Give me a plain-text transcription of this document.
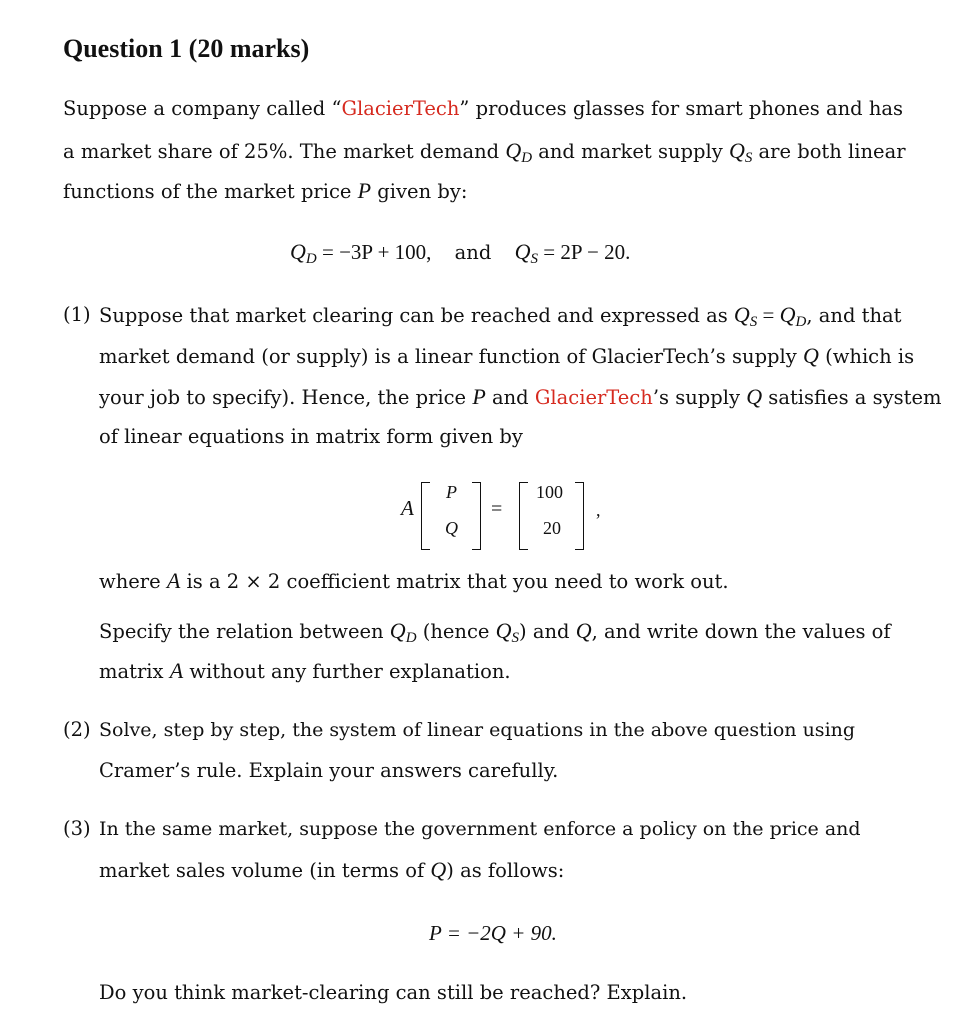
Question 1 (20 marks)
Suppose a company called “GlacierTech” produces glasses for smart phones and has
a market share of 25%. The market demand $Q_D$ and market supply $Q_S$ are both linear
functions of the market price P given by:
$Q_D = -3P + 100$, and $Q_S = 2P - 20$.
(1) Suppose that market clearing can be reached and expressed as $Q_S = Q_D$, and that
market demand (or supply) is a linear function of GlacierTech’s supply Q (which is
your job to specify). Hence, the price P and GlacierTech’s supply Q satisfies a system
of linear equations in matrix form given by
A
P
Q
=
100
20
,
where A is a 2 × 2 coefficient matrix that you need to work out.
Specify the relation between $Q_D$ (hence $Q_S$) and Q, and write down the values of
matrix A without any further explanation.
(2) Solve, step by step, the system of linear equations in the above question using
Cramer’s rule. Explain your answers carefully.
(3) In the same market, suppose the government enforce a policy on the price and
market sales volume (in terms of Q) as follows:
P = −2Q + 90.
Do you think market-clearing can still be reached? Explain.
